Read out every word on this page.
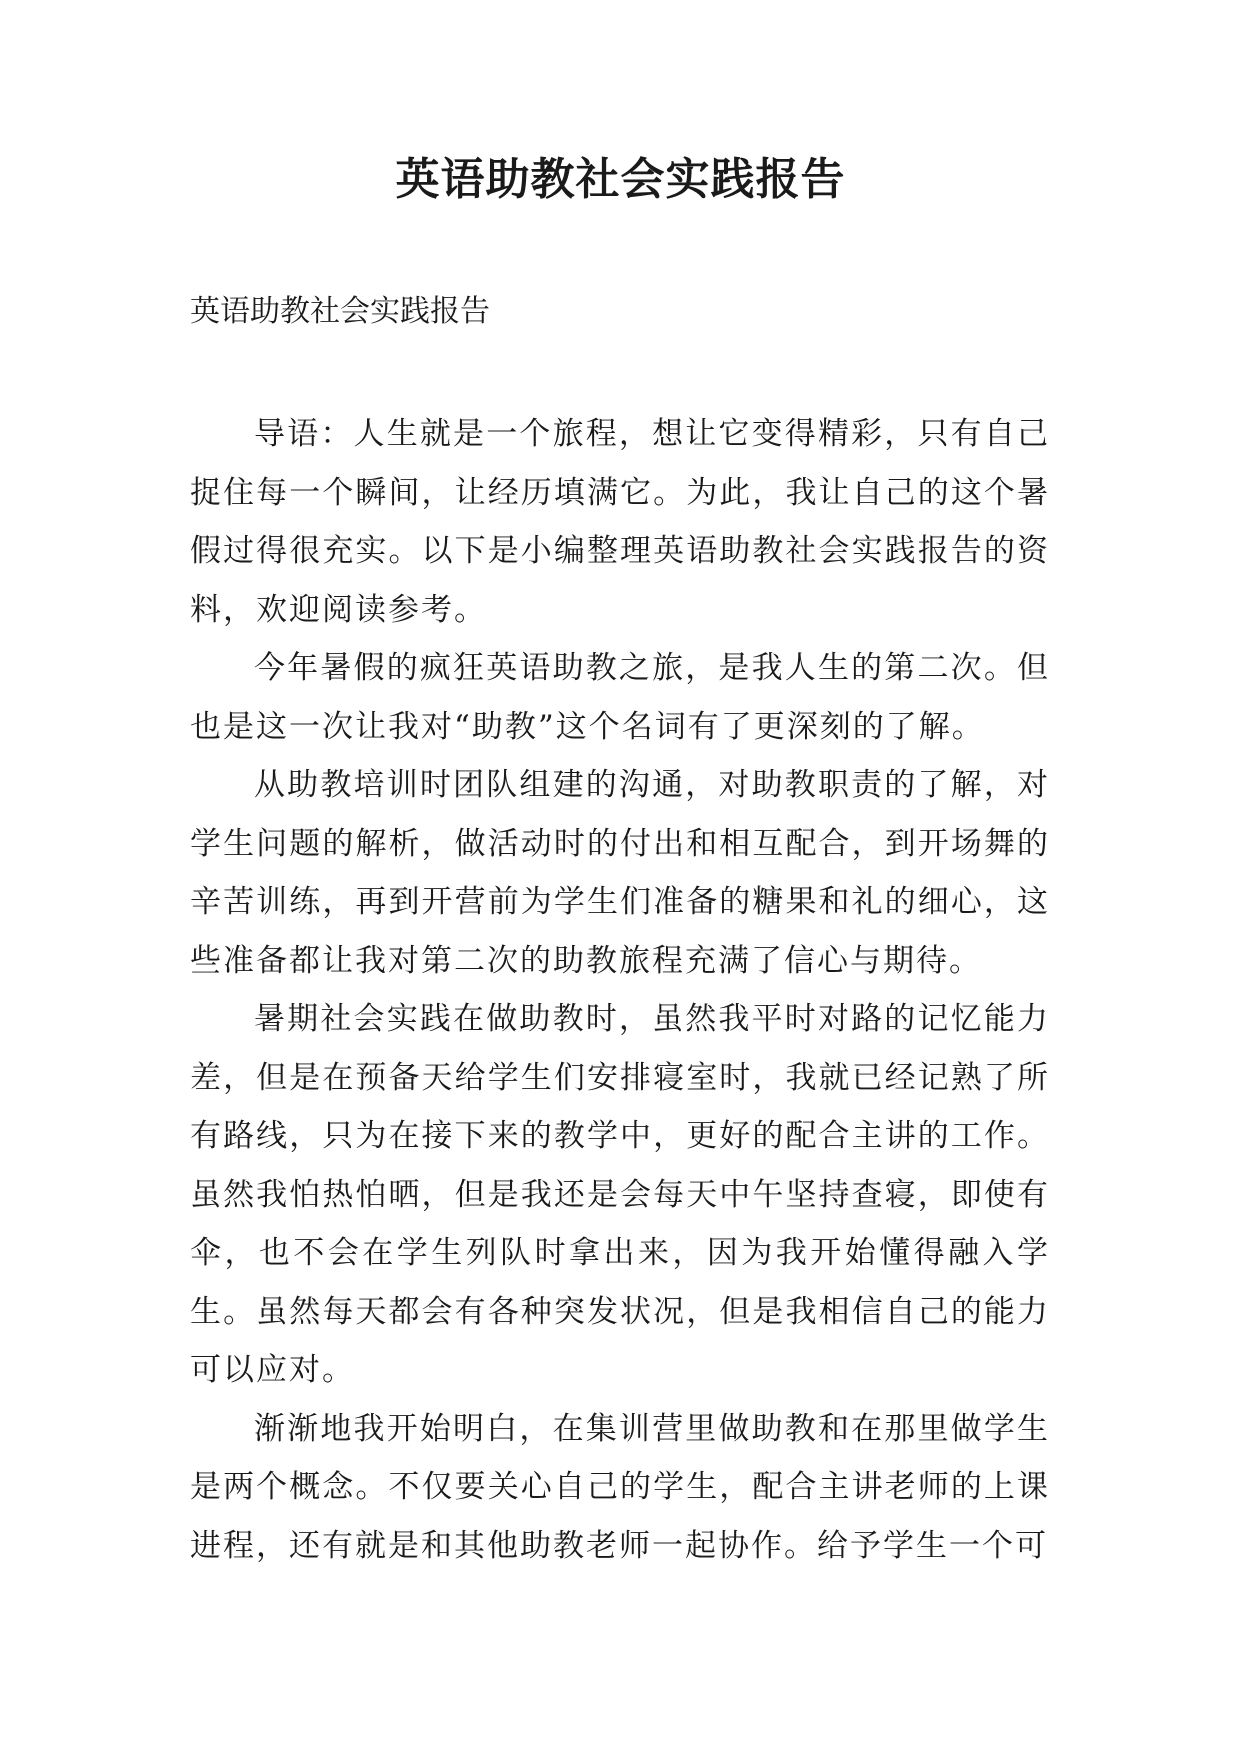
英语助教社会实践报告

英语助教社会实践报告

导语：人生就是一个旅程，想让它变得精彩，只有自己捉住每一个瞬间，让经历填满它。为此，我让自己的这个暑假过得很充实。以下是小编整理英语助教社会实践报告的资料，欢迎阅读参考。

今年暑假的疯狂英语助教之旅，是我人生的第二次。但也是这一次让我对“助教”这个名词有了更深刻的了解。

从助教培训时团队组建的沟通，对助教职责的了解，对学生问题的解析，做活动时的付出和相互配合，到开场舞的辛苦训练，再到开营前为学生们准备的糖果和礼的细心，这些准备都让我对第二次的助教旅程充满了信心与期待。

暑期社会实践在做助教时，虽然我平时对路的记忆能力差，但是在预备天给学生们安排寝室时，我就已经记熟了所有路线，只为在接下来的教学中，更好的配合主讲的工作。虽然我怕热怕晒，但是我还是会每天中午坚持查寝，即使有伞，也不会在学生列队时拿出来，因为我开始懂得融入学生。虽然每天都会有各种突发状况，但是我相信自己的能力可以应对。

渐渐地我开始明白，在集训营里做助教和在那里做学生是两个概念。不仅要关心自己的学生，配合主讲老师的上课进程，还有就是和其他助教老师一起协作。给予学生一个可
